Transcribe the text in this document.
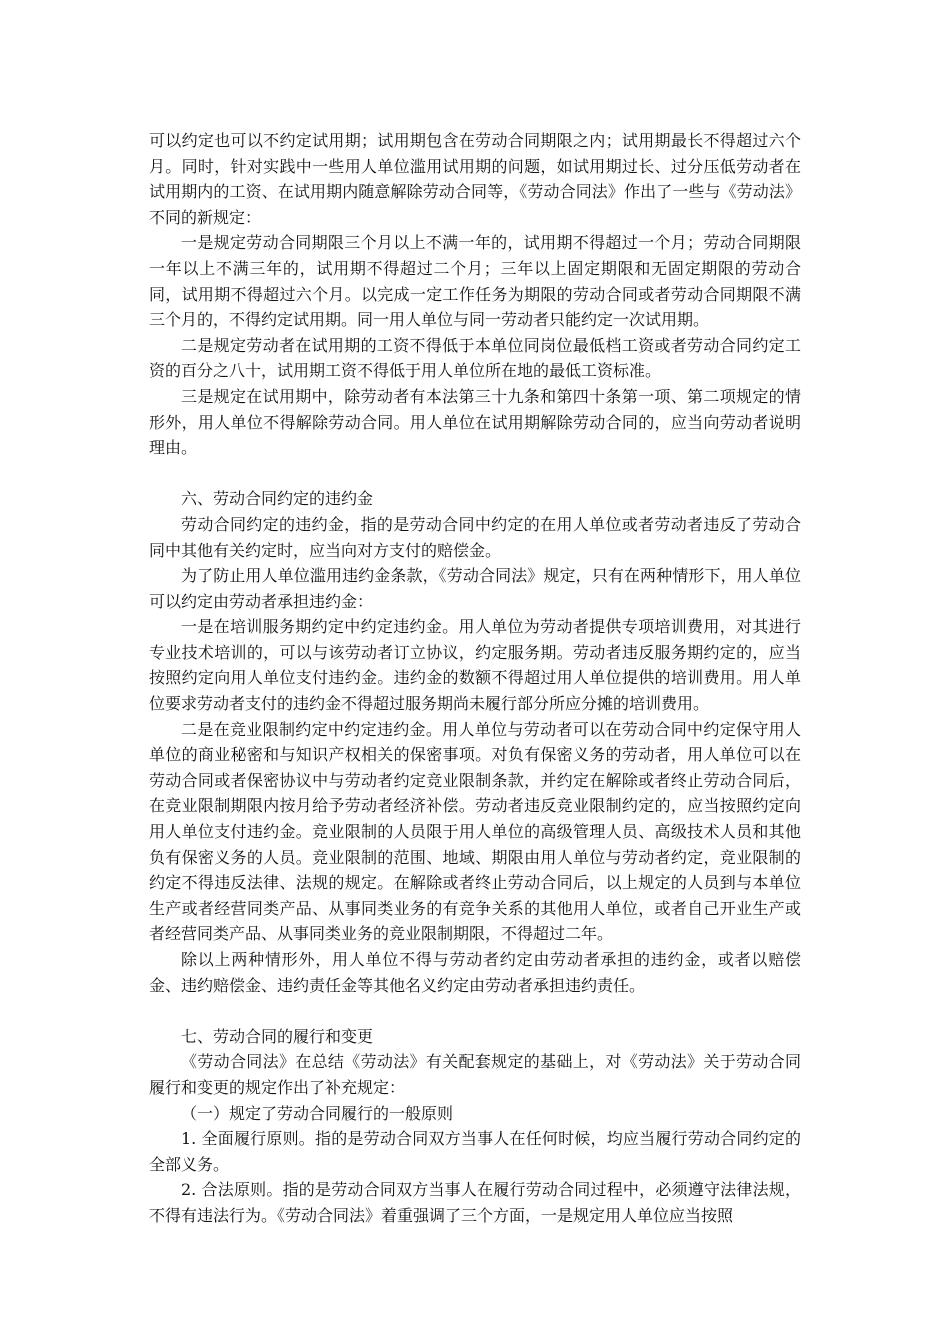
可以约定也可以不约定试用期；试用期包含在劳动合同期限之内；试用期最长不得超过六个月。同时，针对实践中一些用人单位滥用试用期的问题，如试用期过长、过分压低劳动者在试用期内的工资、在试用期内随意解除劳动合同等，《劳动合同法》作出了一些与《劳动法》不同的新规定：

一是规定劳动合同期限三个月以上不满一年的，试用期不得超过一个月；劳动合同期限一年以上不满三年的，试用期不得超过二个月；三年以上固定期限和无固定期限的劳动合同，试用期不得超过六个月。以完成一定工作任务为期限的劳动合同或者劳动合同期限不满三个月的，不得约定试用期。同一用人单位与同一劳动者只能约定一次试用期。

二是规定劳动者在试用期的工资不得低于本单位同岗位最低档工资或者劳动合同约定工资的百分之八十，试用期工资不得低于用人单位所在地的最低工资标准。

三是规定在试用期中，除劳动者有本法第三十九条和第四十条第一项、第二项规定的情形外，用人单位不得解除劳动合同。用人单位在试用期解除劳动合同的，应当向劳动者说明理由。

六、劳动合同约定的违约金

劳动合同约定的违约金，指的是劳动合同中约定的在用人单位或者劳动者违反了劳动合同中其他有关约定时，应当向对方支付的赔偿金。

为了防止用人单位滥用违约金条款，《劳动合同法》规定，只有在两种情形下，用人单位可以约定由劳动者承担违约金：

一是在培训服务期约定中约定违约金。用人单位为劳动者提供专项培训费用，对其进行专业技术培训的，可以与该劳动者订立协议，约定服务期。劳动者违反服务期约定的，应当按照约定向用人单位支付违约金。违约金的数额不得超过用人单位提供的培训费用。用人单位要求劳动者支付的违约金不得超过服务期尚未履行部分所应分摊的培训费用。

二是在竞业限制约定中约定违约金。用人单位与劳动者可以在劳动合同中约定保守用人单位的商业秘密和与知识产权相关的保密事项。对负有保密义务的劳动者，用人单位可以在劳动合同或者保密协议中与劳动者约定竞业限制条款，并约定在解除或者终止劳动合同后，在竞业限制期限内按月给予劳动者经济补偿。劳动者违反竞业限制约定的，应当按照约定向用人单位支付违约金。竞业限制的人员限于用人单位的高级管理人员、高级技术人员和其他负有保密义务的人员。竞业限制的范围、地域、期限由用人单位与劳动者约定，竞业限制的约定不得违反法律、法规的规定。在解除或者终止劳动合同后，以上规定的人员到与本单位生产或者经营同类产品、从事同类业务的有竞争关系的其他用人单位，或者自己开业生产或者经营同类产品、从事同类业务的竞业限制期限，不得超过二年。

除以上两种情形外，用人单位不得与劳动者约定由劳动者承担的违约金，或者以赔偿金、违约赔偿金、违约责任金等其他名义约定由劳动者承担违约责任。

七、劳动合同的履行和变更

《劳动合同法》在总结《劳动法》有关配套规定的基础上，对《劳动法》关于劳动合同履行和变更的规定作出了补充规定：

（一）规定了劳动合同履行的一般原则

1. 全面履行原则。指的是劳动合同双方当事人在任何时候，均应当履行劳动合同约定的全部义务。

2. 合法原则。指的是劳动合同双方当事人在履行劳动合同过程中，必须遵守法律法规，不得有违法行为。《劳动合同法》着重强调了三个方面，一是规定用人单位应当按照
